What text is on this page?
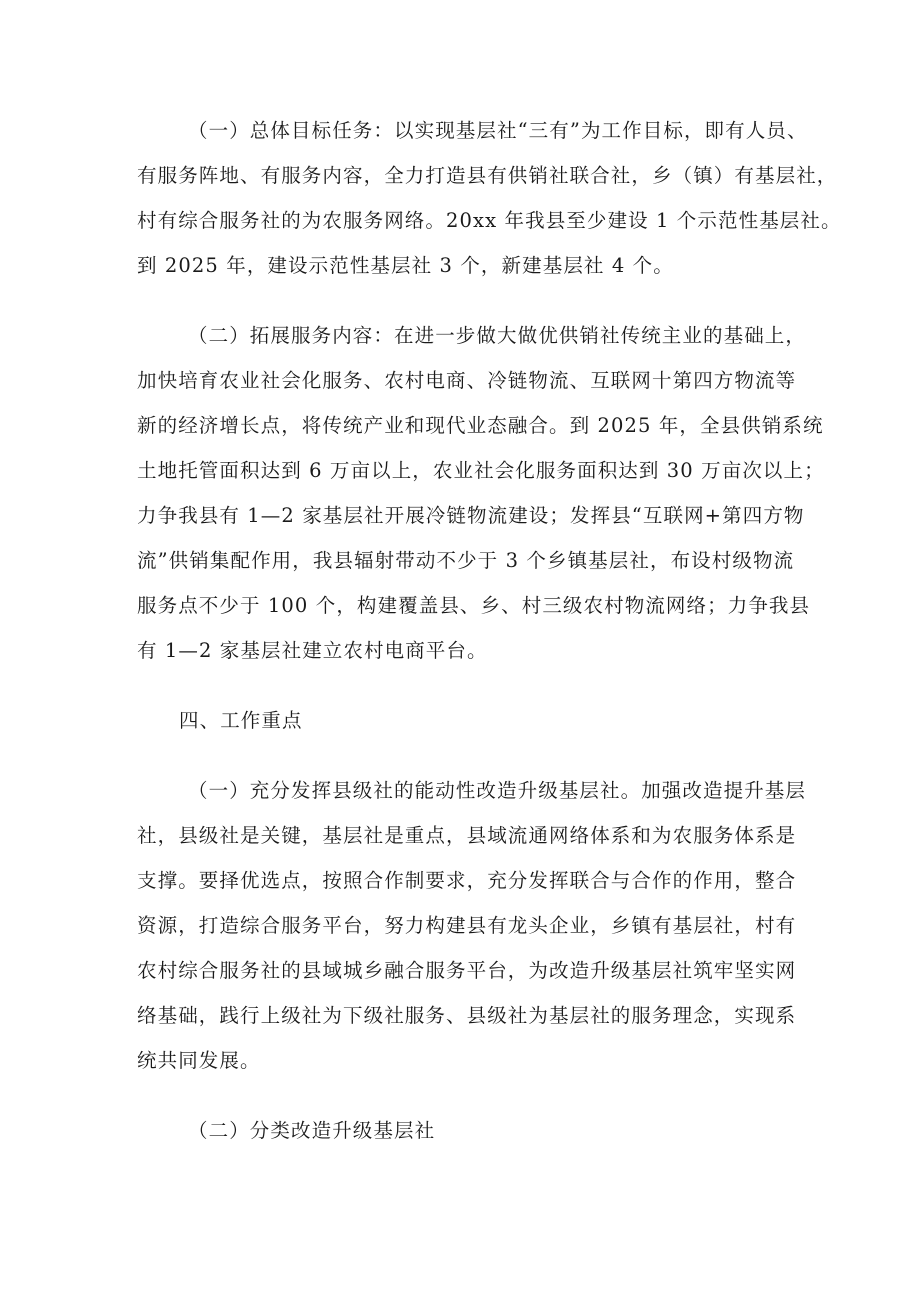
（一）总体目标任务：以实现基层社“三有”为工作目标，即有人员、
有服务阵地、有服务内容，全力打造县有供销社联合社，乡（镇）有基层社，
村有综合服务社的为农服务网络。20xx 年我县至少建设 1 个示范性基层社。
到 2025 年，建设示范性基层社 3 个，新建基层社 4 个。
（二）拓展服务内容：在进一步做大做优供销社传统主业的基础上，
加快培育农业社会化服务、农村电商、冷链物流、互联网十第四方物流等
新的经济增长点，将传统产业和现代业态融合。到 2025 年，全县供销系统
土地托管面积达到 6 万亩以上，农业社会化服务面积达到 30 万亩次以上；
力争我县有 1—2 家基层社开展冷链物流建设；发挥县“互联网+第四方物
流”供销集配作用，我县辐射带动不少于 3 个乡镇基层社，布设村级物流
服务点不少于 100 个，构建覆盖县、乡、村三级农村物流网络；力争我县
有 1—2 家基层社建立农村电商平台。
四、工作重点
（一）充分发挥县级社的能动性改造升级基层社。加强改造提升基层
社，县级社是关键，基层社是重点，县域流通网络体系和为农服务体系是
支撑。要择优选点，按照合作制要求，充分发挥联合与合作的作用，整合
资源，打造综合服务平台，努力构建县有龙头企业，乡镇有基层社，村有
农村综合服务社的县域城乡融合服务平台，为改造升级基层社筑牢坚实网
络基础，践行上级社为下级社服务、县级社为基层社的服务理念，实现系
统共同发展。
（二）分类改造升级基层社
